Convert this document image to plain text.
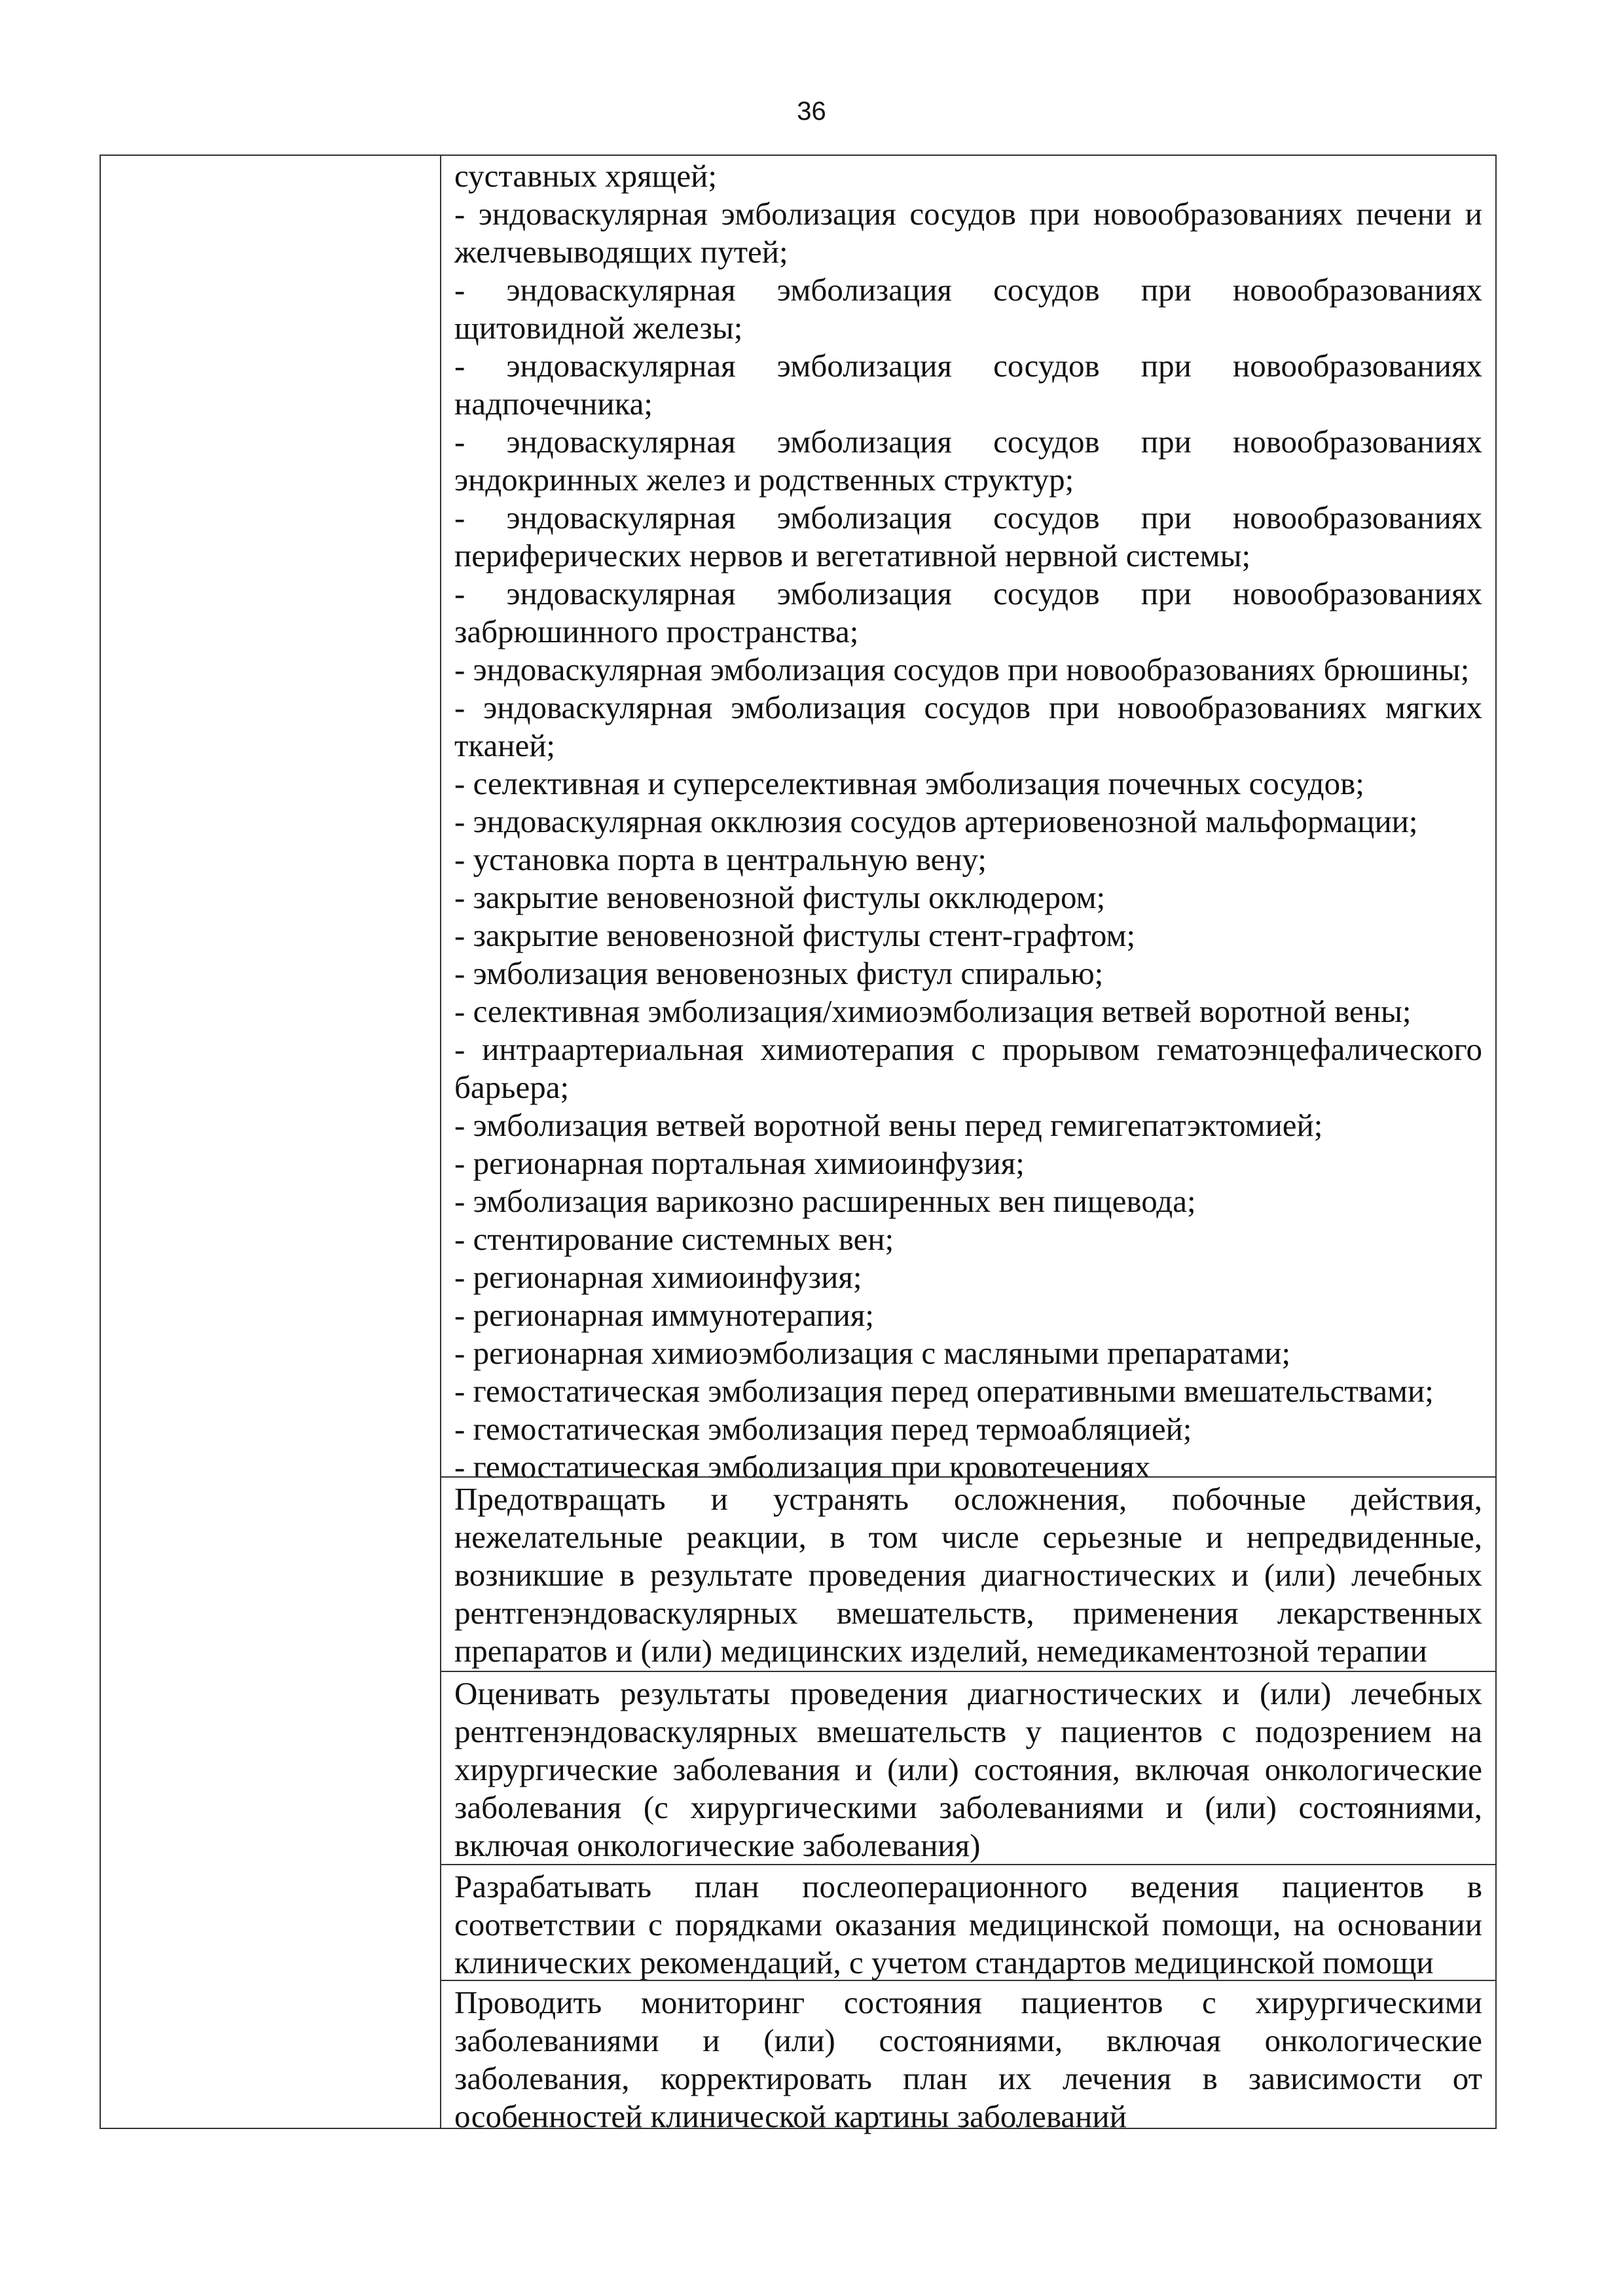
36
суставных хрящей;
- эндоваскулярная эмболизация сосудов при новообразованиях печени и
желчевыводящих путей;
- эндоваскулярная эмболизация сосудов при новообразованиях
щитовидной железы;
- эндоваскулярная эмболизация сосудов при новообразованиях
надпочечника;
- эндоваскулярная эмболизация сосудов при новообразованиях
эндокринных желез и родственных структур;
- эндоваскулярная эмболизация сосудов при новообразованиях
периферических нервов и вегетативной нервной системы;
- эндоваскулярная эмболизация сосудов при новообразованиях
забрюшинного пространства;
- эндоваскулярная эмболизация сосудов при новообразованиях брюшины;
- эндоваскулярная эмболизация сосудов при новообразованиях мягких
тканей;
- селективная и суперселективная эмболизация почечных сосудов;
- эндоваскулярная окклюзия сосудов артериовенозной мальформации;
- установка порта в центральную вену;
- закрытие веновенозной фистулы окклюдером;
- закрытие веновенозной фистулы стент-графтом;
- эмболизация веновенозных фистул спиралью;
- селективная эмболизация/химиоэмболизация ветвей воротной вены;
- интраартериальная химиотерапия с прорывом гематоэнцефалического
барьера;
- эмболизация ветвей воротной вены перед гемигепатэктомией;
- регионарная портальная химиоинфузия;
- эмболизация варикозно расширенных вен пищевода;
- стентирование системных вен;
- регионарная химиоинфузия;
- регионарная иммунотерапия;
- регионарная химиоэмболизация с масляными препаратами;
- гемостатическая эмболизация перед оперативными вмешательствами;
- гемостатическая эмболизация перед термоабляцией;
- гемостатическая эмболизация при кровотечениях
Предотвращать и устранять осложнения, побочные действия,
нежелательные реакции, в том числе серьезные и непредвиденные,
возникшие в результате проведения диагностических и (или) лечебных
рентгенэндоваскулярных вмешательств, применения лекарственных
препаратов и (или) медицинских изделий, немедикаментозной терапии
Оценивать результаты проведения диагностических и (или) лечебных
рентгенэндоваскулярных вмешательств у пациентов с подозрением на
хирургические заболевания и (или) состояния, включая онкологические
заболевания (с хирургическими заболеваниями и (или) состояниями,
включая онкологические заболевания)
Разрабатывать план послеоперационного ведения пациентов в
соответствии с порядками оказания медицинской помощи, на основании
клинических рекомендаций, с учетом стандартов медицинской помощи
Проводить мониторинг состояния пациентов с хирургическими
заболеваниями и (или) состояниями, включая онкологические
заболевания, корректировать план их лечения в зависимости от
особенностей клинической картины заболеваний
